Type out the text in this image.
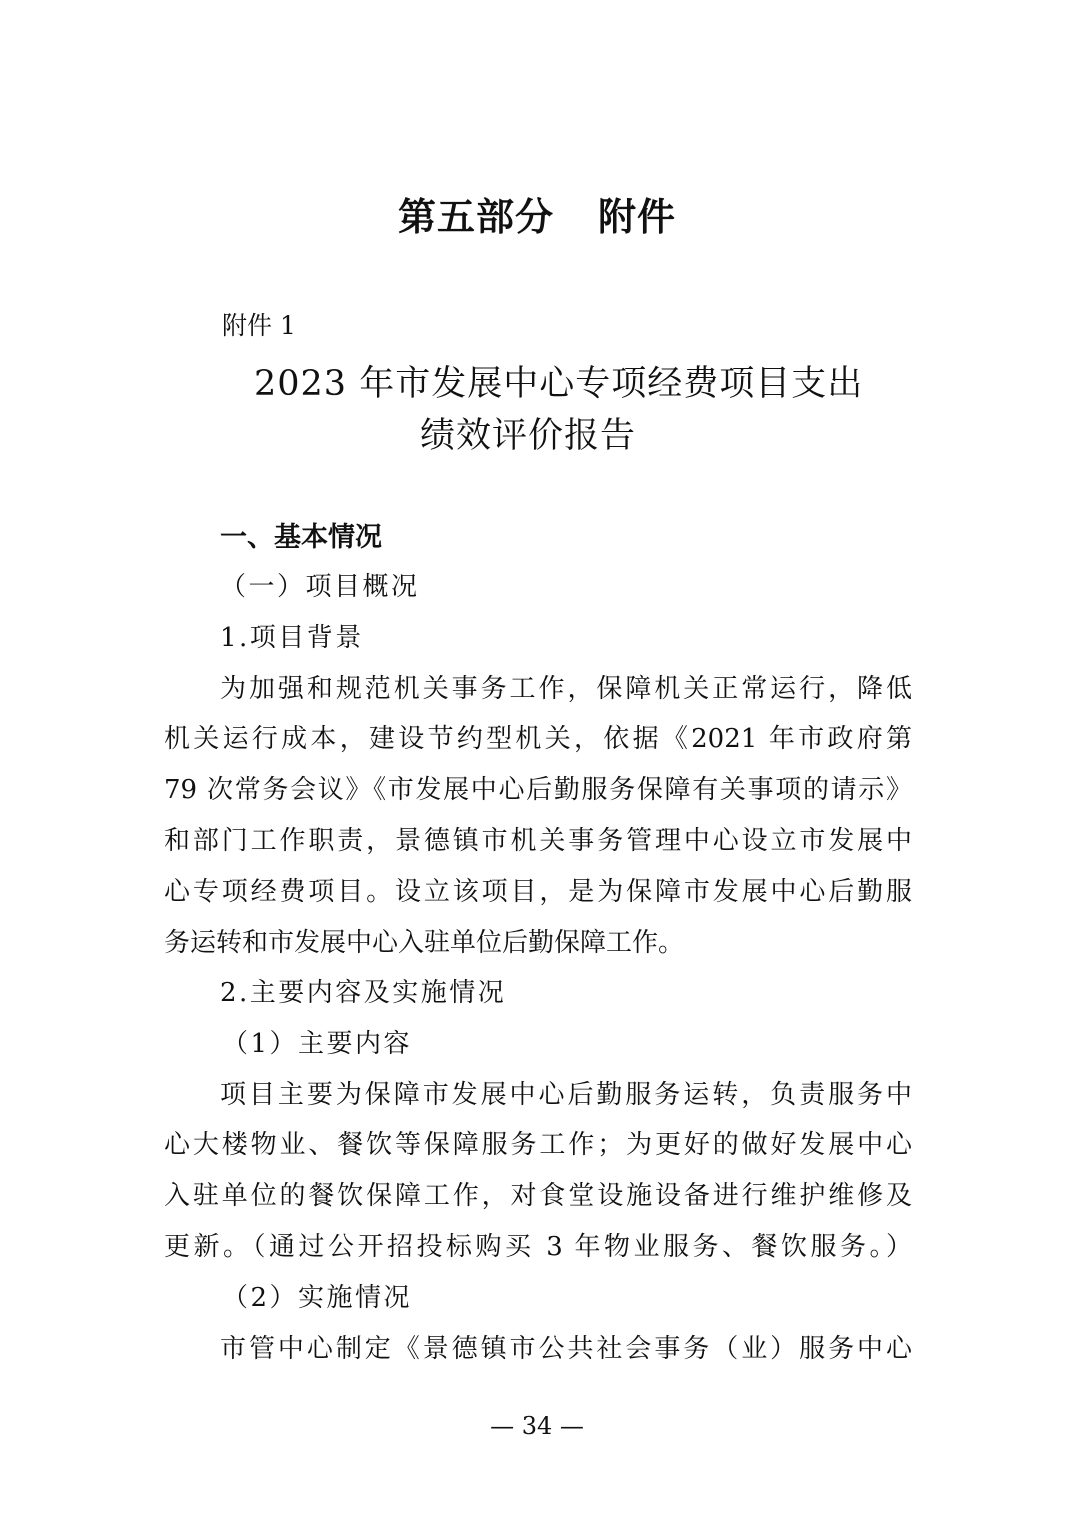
第五部分 附件
附件 1
2023 年市发展中心专项经费项目支出
绩效评价报告
一、基本情况
（一）项目概况
1.项目背景
为加强和规范机关事务工作，保障机关正常运行，降低
机关运行成本，建设节约型机关，依据《2021 年市政府第
79 次常务会议》《市发展中心后勤服务保障有关事项的请示》
和部门工作职责，景德镇市机关事务管理中心设立市发展中
心专项经费项目。设立该项目，是为保障市发展中心后勤服
务运转和市发展中心入驻单位后勤保障工作。
2.主要内容及实施情况
（1）主要内容
项目主要为保障市发展中心后勤服务运转，负责服务中
心大楼物业、餐饮等保障服务工作；为更好的做好发展中心
入驻单位的餐饮保障工作，对食堂设施设备进行维护维修及
更新。（通过公开招投标购买 3 年物业服务、餐饮服务。）
（2）实施情况
市管中心制定《景德镇市公共社会事务（业）服务中心
— 34 —
